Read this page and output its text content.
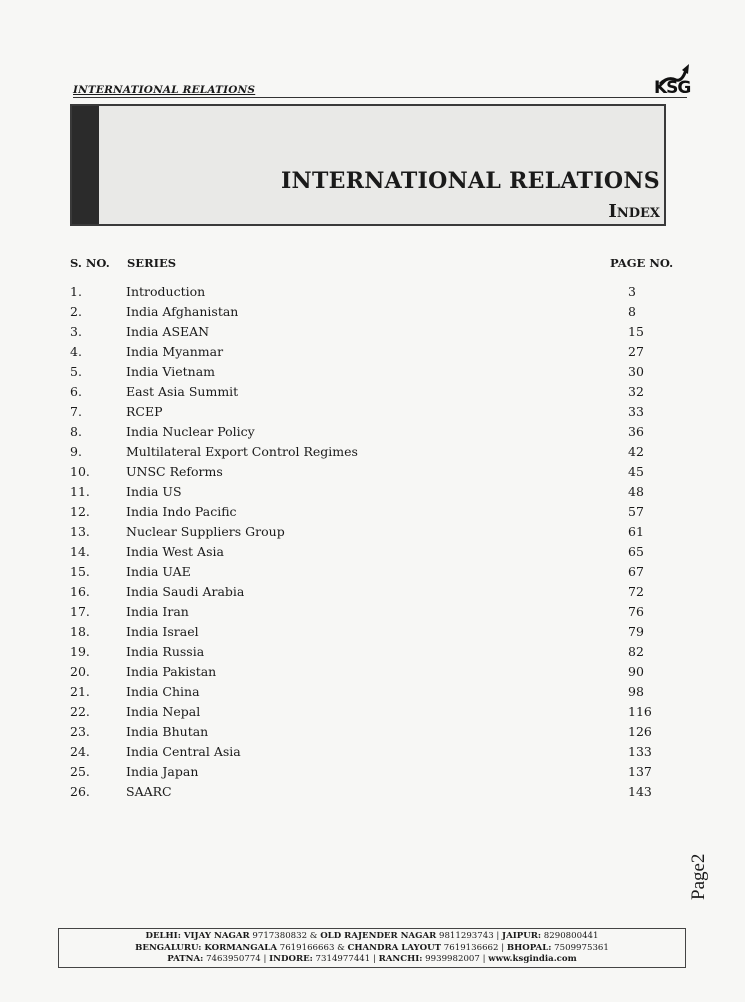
INTERNATIONAL RELATIONS	KSG
INTERNATIONAL RELATIONS
Index
S. NO. SERIES	PAGE NO.
1.	Introduction	3
2.	India Afghanistan	8
3.	India ASEAN	15
4.	India Myanmar	27
5.	India Vietnam	30
6.	East Asia Summit	32
7.	RCEP	33
8.	India Nuclear Policy	36
9.	Multilateral Export Control Regimes	42
10.	UNSC Reforms	45
11.	India US	48
12.	India Indo Pacific	57
13.	Nuclear Suppliers Group	61
14.	India West Asia	65
15.	India UAE	67
16.	India Saudi Arabia	72
17.	India Iran	76
18.	India Israel	79
19.	India Russia	82
20.	India Pakistan	90
21.	India China	98
22.	India Nepal	116
23.	India Bhutan	126
24.	India Central Asia	133
25.	India Japan	137
26.	SAARC	143
DELHI: VIJAY NAGAR 9717380832 & OLD RAJENDER NAGAR 9811293743 | JAIPUR: 8290800441
BENGALURU: KORMANGALA 7619166663 & CHANDRA LAYOUT 7619136662 | BHOPAL: 7509975361
PATNA: 7463950774 | INDORE: 7314977441 | RANCHI: 9939982007 | www.ksgindia.com
Page2
